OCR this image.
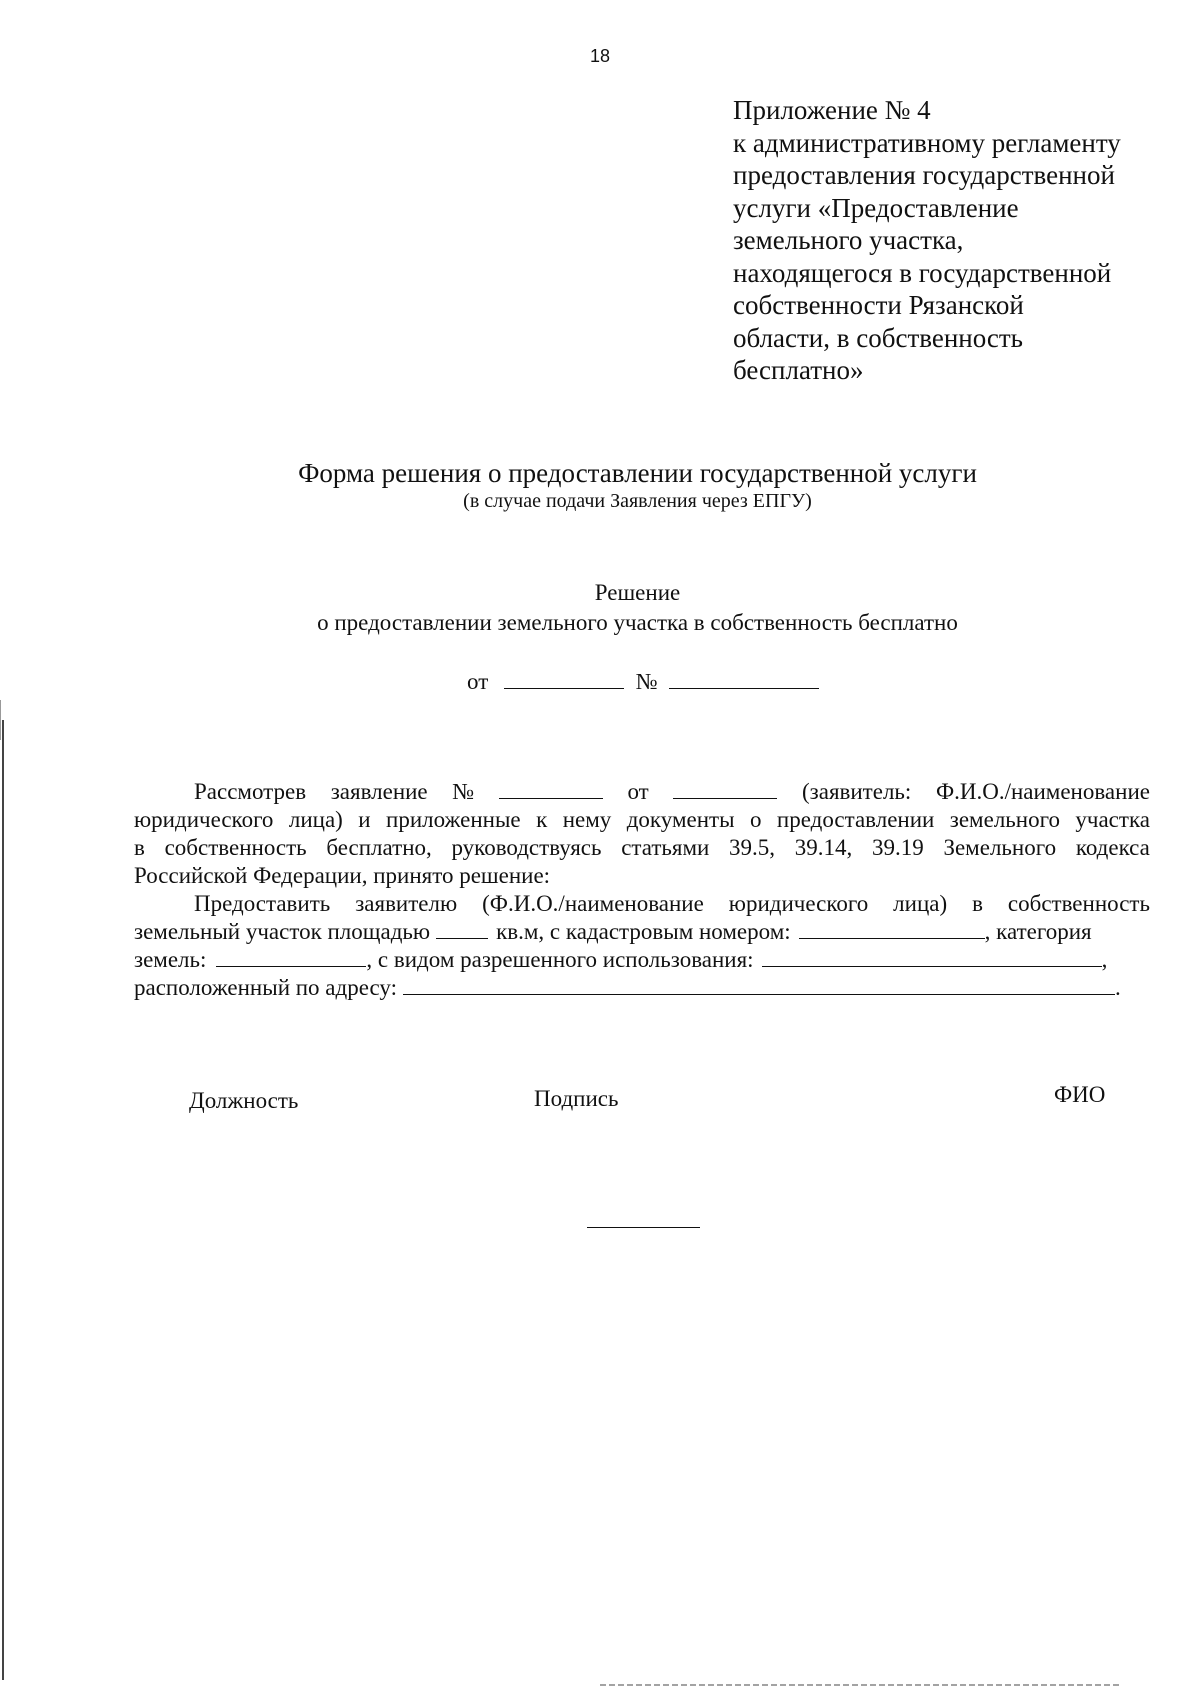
18
Приложение № 4
к административному регламенту
предоставления государственной
услуги «Предоставление
земельного участка,
находящегося в государственной
собственности Рязанской
области, в собственность
бесплатно»
Форма решения о предоставлении государственной услуги
(в случае подачи Заявления через ЕПГУ)
Решение
о предоставлении земельного участка в собственность бесплатно
от	№
Рассмотрев заявление №	от	(заявитель: Ф.И.О./наименование
юридического лица) и приложенные к нему документы о предоставлении земельного участка
в собственность бесплатно, руководствуясь статьями 39.5, 39.14, 39.19 Земельного кодекса
Российской Федерации, принято решение:
Предоставить заявителю (Ф.И.О./наименование юридического лица) в собственность
земельный участок площадью	кв.м, с кадастровым номером:	, категория
земель:	, с видом разрешенного использования:	,
расположенный по адресу:	.
Должность	Подпись	ФИО
